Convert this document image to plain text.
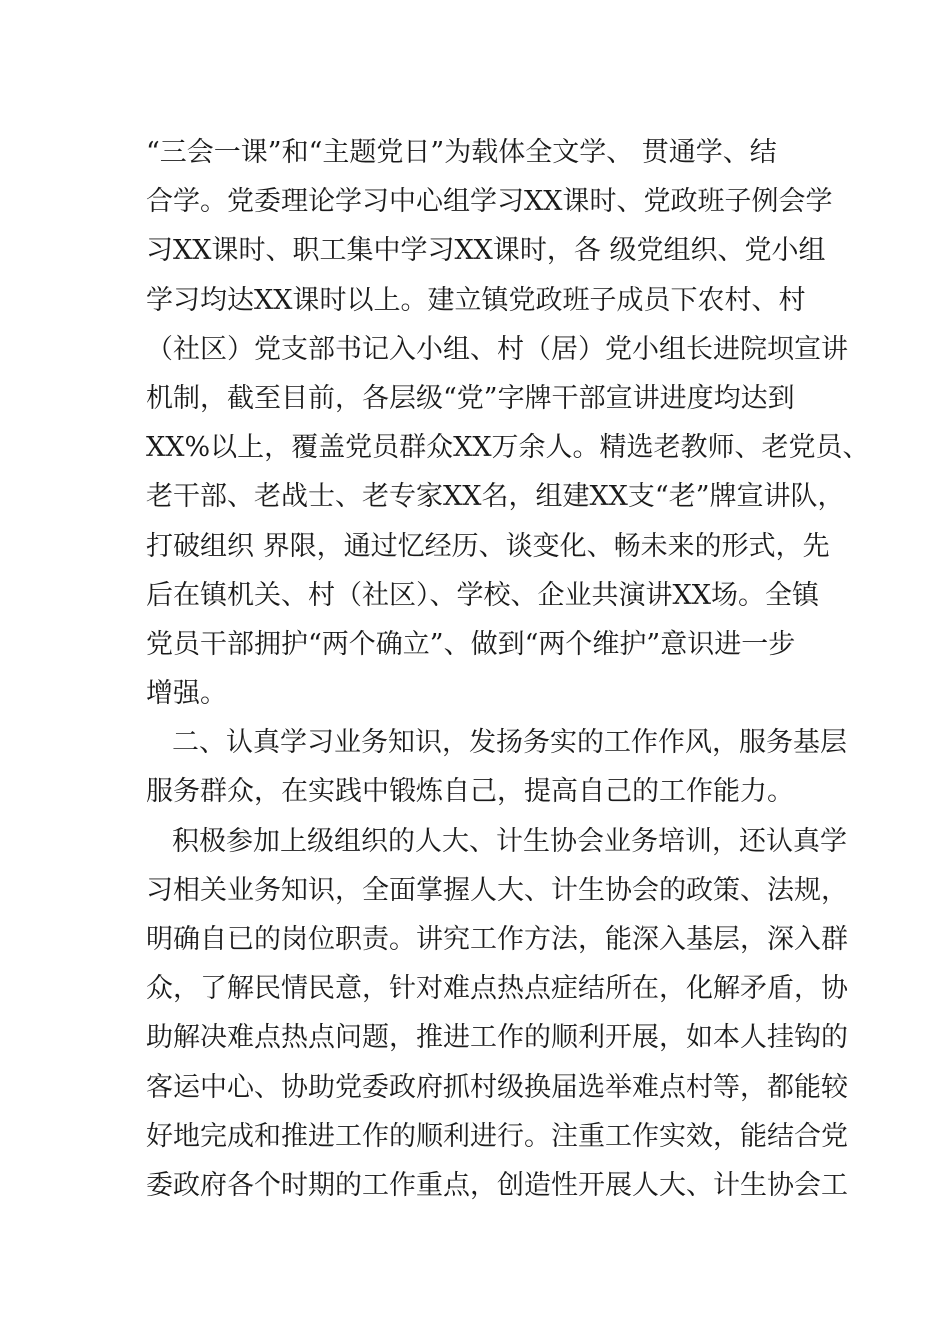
“三会一课”和“主题党日”为载体全文学、 贯通学、结
合学。党委理论学习中心组学习XX课时、党政班子例会学
习XX课时、职工集中学习XX课时，各 级党组织、党小组
学习均达XX课时以上。建立镇党政班子成员下农村、村
（社区）党支部书记入小组、村（居）党小组长进院坝宣讲
机制，截至目前，各层级“党”字牌干部宣讲进度均达到
XX%以上，覆盖党员群众XX万余人。精选老教师、老党员、
老干部、老战士、老专家XX名，组建XX支“老”牌宣讲队，
打破组织 界限，通过忆经历、谈变化、畅未来的形式，先
后在镇机关、村（社区）、学校、企业共演讲XX场。全镇
党员干部拥护“两个确立”、做到“两个维护”意识进一步
增强。
二、认真学习业务知识，发扬务实的工作作风，服务基层
服务群众，在实践中锻炼自己，提高自己的工作能力。
积极参加上级组织的人大、计生协会业务培训，还认真学
习相关业务知识，全面掌握人大、计生协会的政策、法规，
明确自已的岗位职责。讲究工作方法，能深入基层，深入群
众，了解民情民意，针对难点热点症结所在，化解矛盾，协
助解决难点热点问题，推进工作的顺利开展，如本人挂钩的
客运中心、协助党委政府抓村级换届选举难点村等，都能较
好地完成和推进工作的顺利进行。注重工作实效，能结合党
委政府各个时期的工作重点，创造性开展人大、计生协会工
